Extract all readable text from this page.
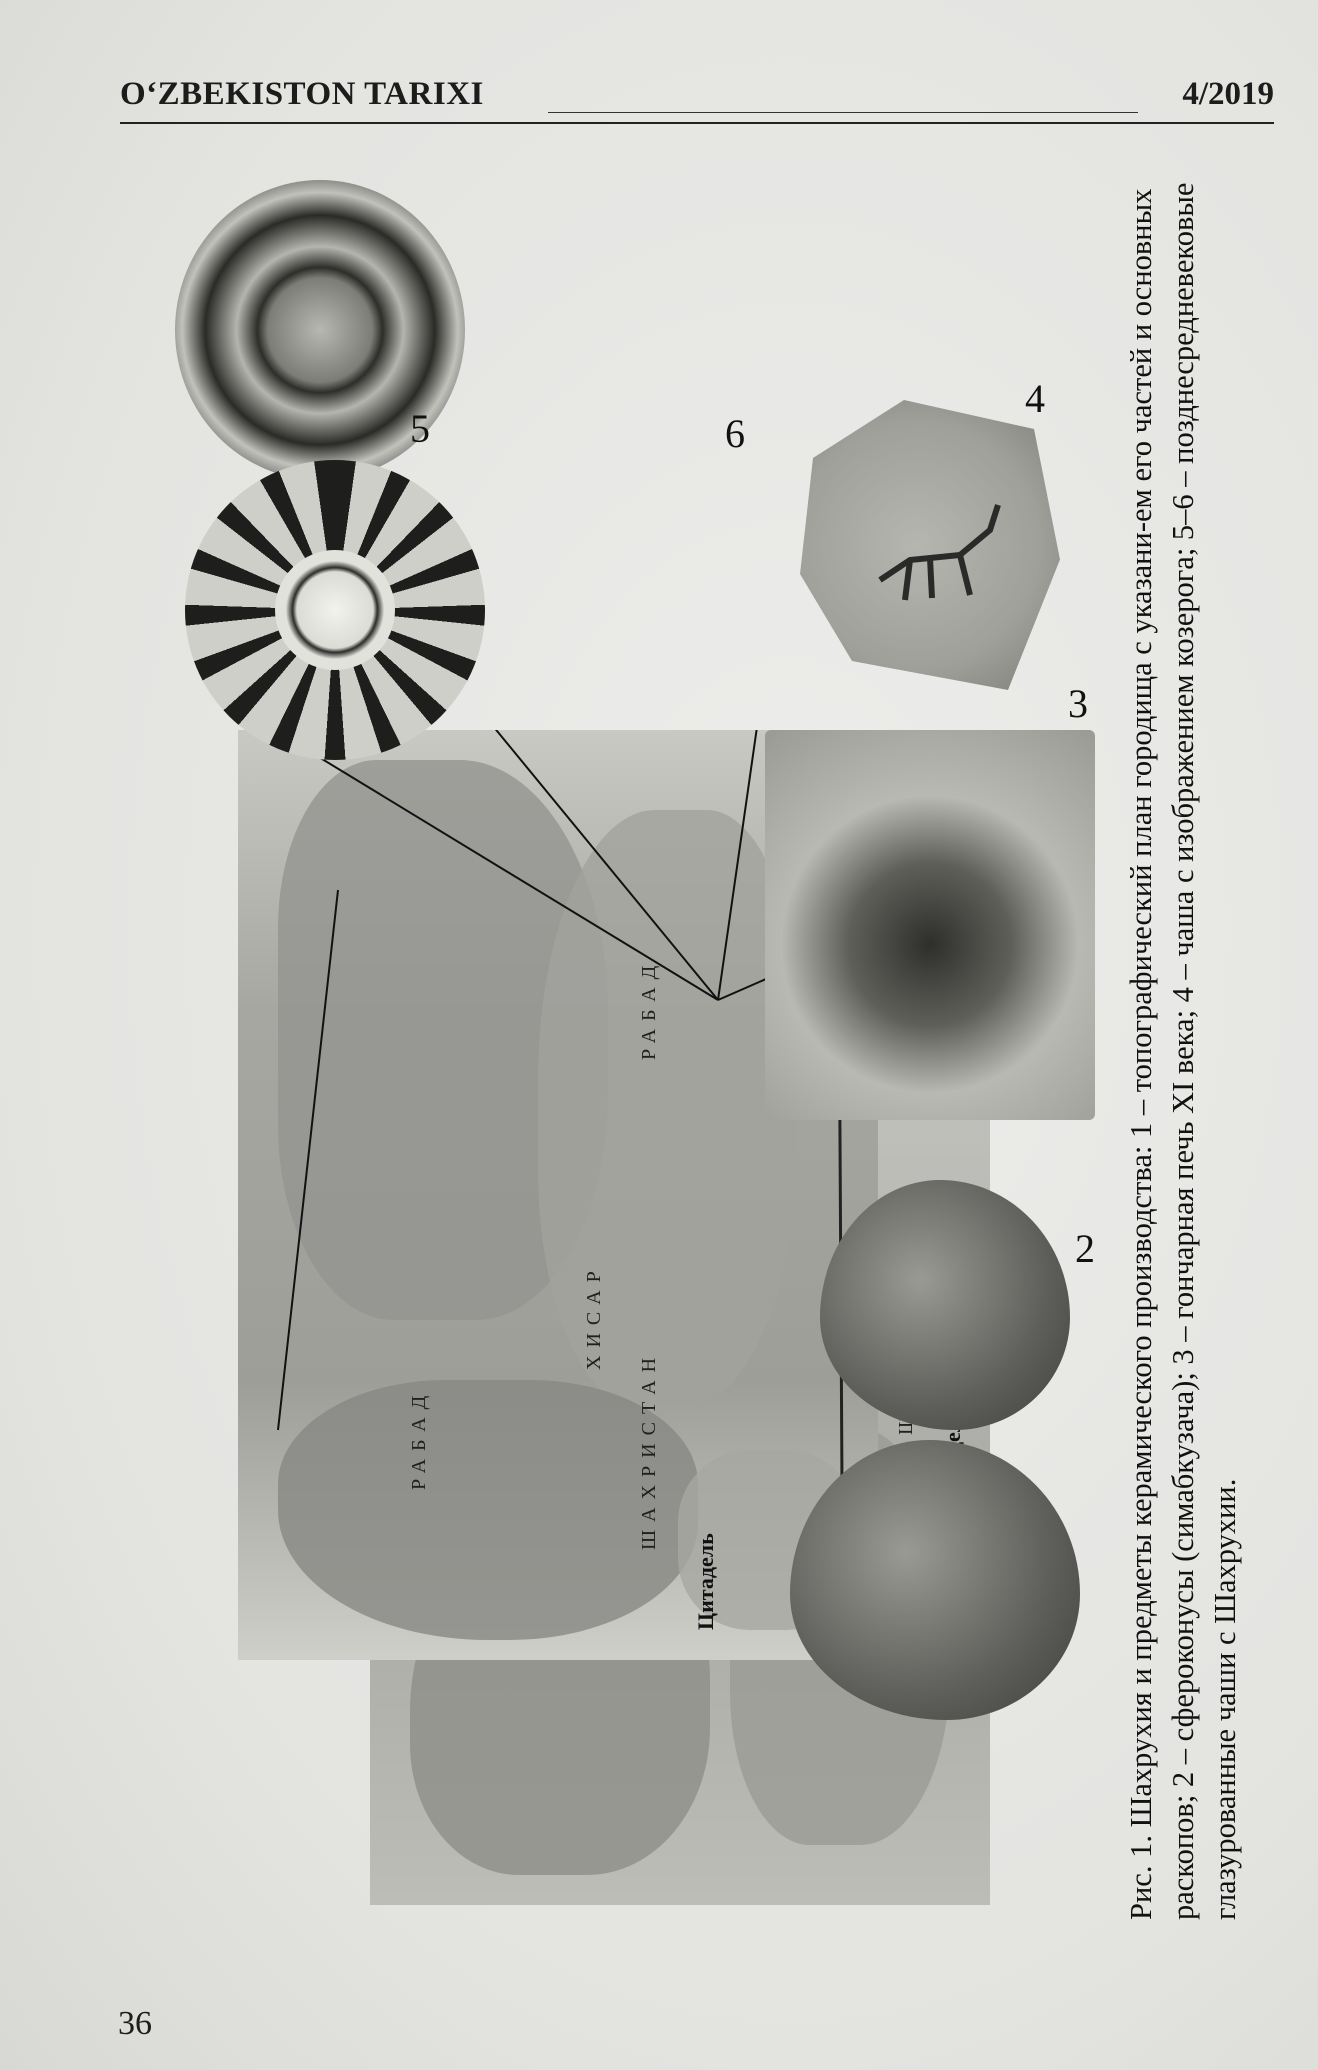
O‘ZBEKISTON TARIXI	4/2019
РАБАД
РАБАД
ХИСАР
ШАХРИСТАН
Цитадель
5	6
4
3
2 Рис. 1. Шахрухия и предметы керамического производства: 1 – топографический план городища с указани-ем его частей и основных раскопов; 2 – сфероконусы (симабкузача); 3 – гончарная печь XI века; 4 – чаша с изображением козерога; 5–6 – позднесредневековые глазурованные чаши с Шахрухии.
36
